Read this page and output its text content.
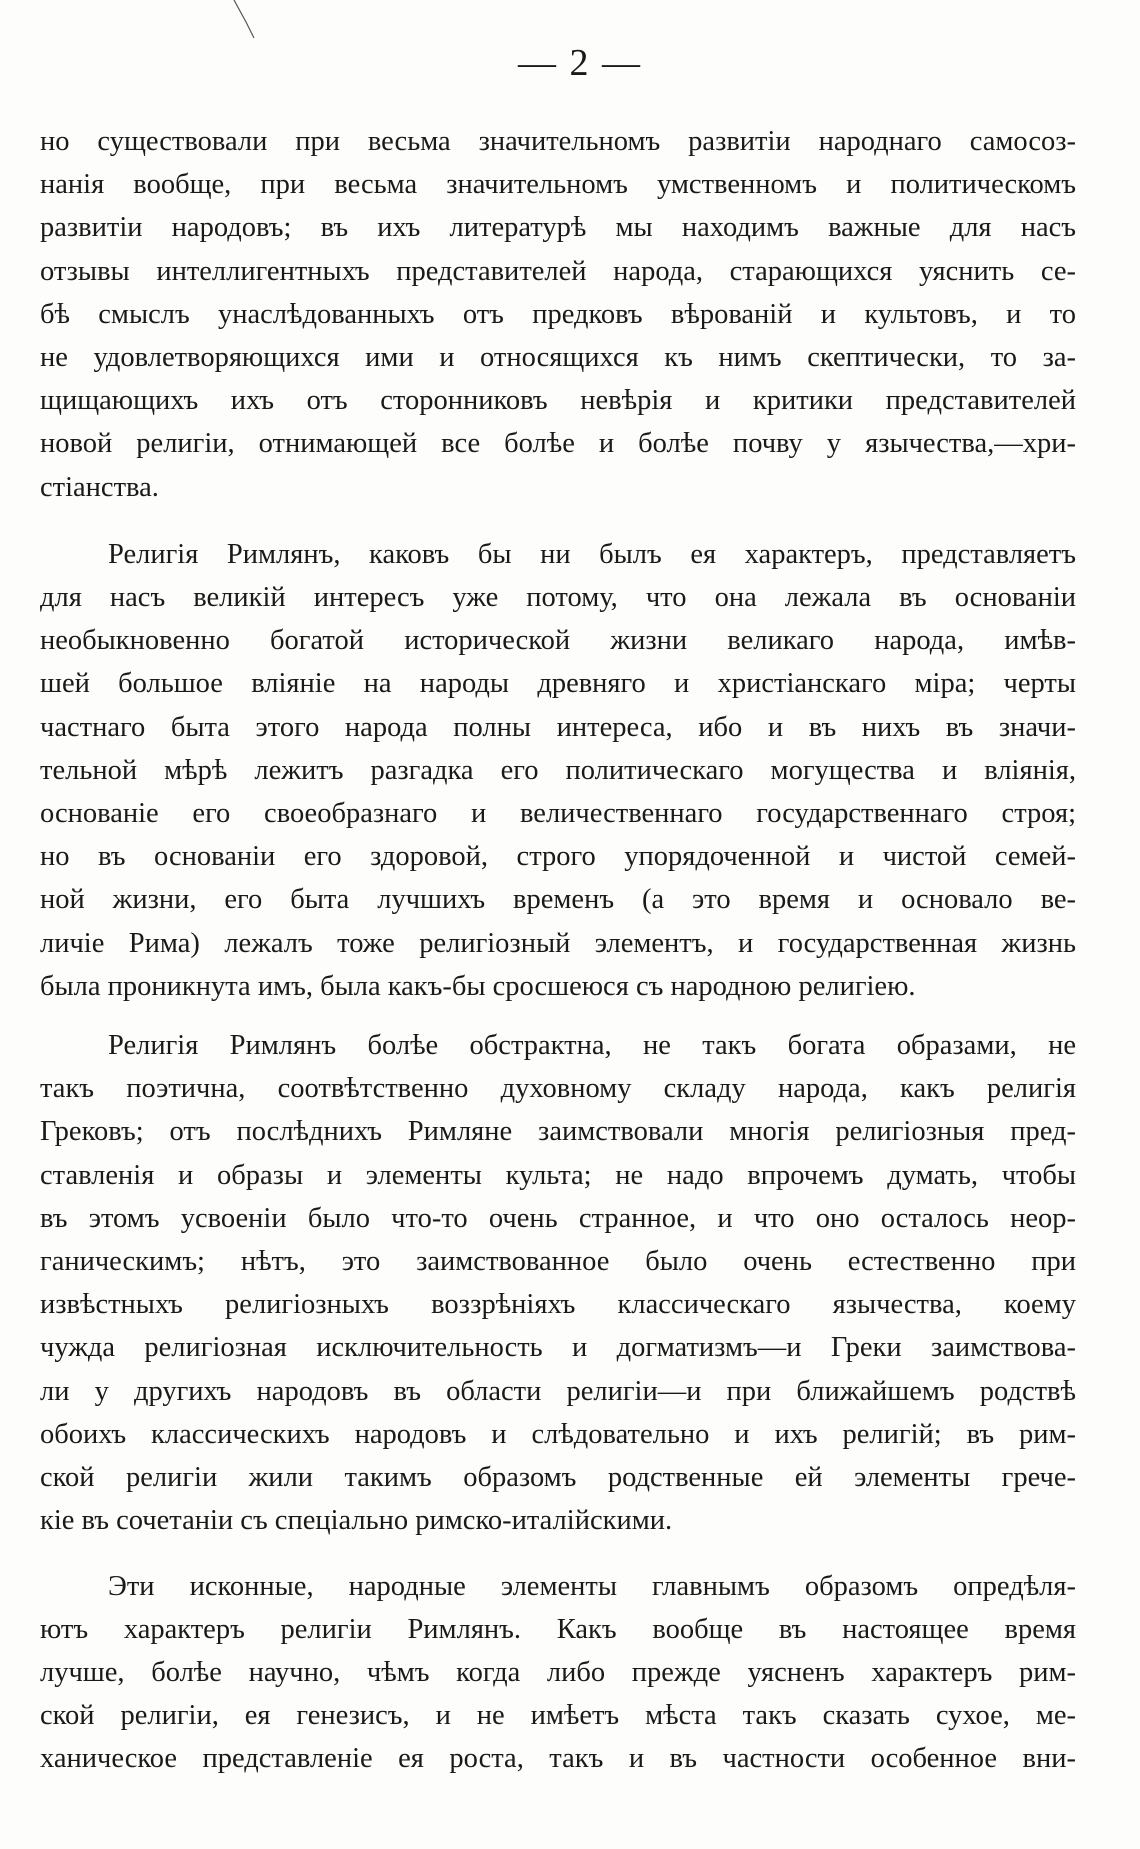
— 2 —

но существовали при весьма значительномъ развитіи народнаго самосоз-
нанія вообще, при весьма значительномъ умственномъ и политическомъ
развитіи народовъ; въ ихъ литературѣ мы находимъ важные для насъ
отзывы интеллигентныхъ представителей народа, старающихся уяснить се-
бѣ смыслъ унаслѣдованныхъ отъ предковъ вѣрованій и культовъ, и то
не удовлетворяющихся ими и относящихся къ нимъ скептически, то за-
щищающихъ ихъ отъ сторонниковъ невѣрія и критики представителей
новой религіи, отнимающей все болѣе и болѣе почву у язычества,—хри-
стіанства.

Религія Римлянъ, каковъ бы ни былъ ея характеръ, представляетъ
для насъ великій интересъ уже потому, что она лежала въ основаніи
необыкновенно богатой исторической жизни великаго народа, имѣв-
шей большое вліяніе на народы древняго и христіанскаго міра; черты
частнаго быта этого народа полны интереса, ибо и въ нихъ въ значи-
тельной мѣрѣ лежитъ разгадка его политическаго могущества и вліянія,
основаніе его своеобразнаго и величественнаго государственнаго строя;
но въ основаніи его здоровой, строго упорядоченной и чистой семей-
ной жизни, его быта лучшихъ временъ (а это время и основало ве-
личіе Рима) лежалъ тоже религіозный элементъ, и государственная жизнь
была проникнута имъ, была какъ-бы сросшеюся съ народною религіею.

Религія Римлянъ болѣе обстрактна, не такъ богата образами, не
такъ поэтична, соотвѣтственно духовному складу народа, какъ религія
Грековъ; отъ послѣднихъ Римляне заимствовали многія религіозныя пред-
ставленія и образы и элементы культа; не надо впрочемъ думать, чтобы
въ этомъ усвоеніи было что-то очень странное, и что оно осталось неор-
ганическимъ; нѣтъ, это заимствованное было очень естественно при
извѣстныхъ религіозныхъ воззрѣніяхъ классическаго язычества, коему
чужда религіозная исключительность и догматизмъ—и Греки заимствова-
ли у другихъ народовъ въ области религіи—и при ближайшемъ родствѣ
обоихъ классическихъ народовъ и слѣдовательно и ихъ религій; въ рим-
ской религіи жили такимъ образомъ родственные ей элементы грече-
кіе въ сочетаніи съ спеціально римско-италійскими.

Эти исконные, народные элементы главнымъ образомъ опредѣля-
ютъ характеръ религіи Римлянъ. Какъ вообще въ настоящее время
лучше, болѣе научно, чѣмъ когда либо прежде уясненъ характеръ рим-
ской религіи, ея генезисъ, и не имѣетъ мѣста такъ сказать сухое, ме-
ханическое представленіе ея роста, такъ и въ частности особенное вни-
